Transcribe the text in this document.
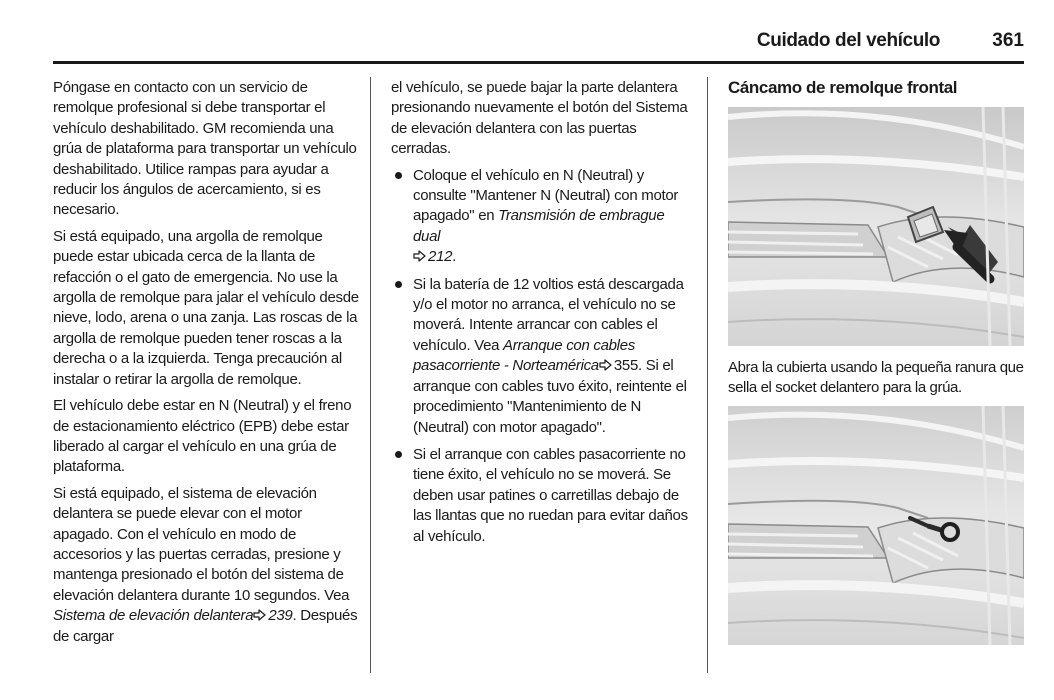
Cuidado del vehículo	361

Póngase en contacto con un servicio de remolque profesional si debe transportar el vehículo deshabilitado. GM recomienda una grúa de plataforma para transportar un vehículo deshabilitado. Utilice rampas para ayudar a reducir los ángulos de acercamiento, si es necesario.

Si está equipado, una argolla de remolque puede estar ubicada cerca de la llanta de refacción o el gato de emergencia. No use la argolla de remolque para jalar el vehículo desde nieve, lodo, arena o una zanja. Las roscas de la argolla de remolque pueden tener roscas a la derecha o a la izquierda. Tenga precaución al instalar o retirar la argolla de remolque.

El vehículo debe estar en N (Neutral) y el freno de estacionamiento eléctrico (EPB) debe estar liberado al cargar el vehículo en una grúa de plataforma.

Si está equipado, el sistema de elevación delantera se puede elevar con el motor apagado. Con el vehículo en modo de accesorios y las puertas cerradas, presione y mantenga presionado el botón del sistema de elevación delantera durante 10 segundos. Vea Sistema de elevación delantera 239. Después de cargar

el vehículo, se puede bajar la parte delantera presionando nuevamente el botón del Sistema de elevación delantera con las puertas cerradas.

Coloque el vehículo en N (Neutral) y consulte "Mantener N (Neutral) con motor apagado" en Transmisión de embrague dual
212.
Si la batería de 12 voltios está descargada y/o el motor no arranca, el vehículo no se moverá. Intente arrancar con cables el vehículo. Vea Arranque con cables pasacorriente - Norteamérica 355. Si el arranque con cables tuvo éxito, reintente el procedimiento "Mantenimiento de N (Neutral) con motor apagado".
Si el arranque con cables pasacorriente no tiene éxito, el vehículo no se moverá. Se deben usar patines o carretillas debajo de las llantas que no ruedan para evitar daños al vehículo.
Cáncamo de remolque frontal
Abra la cubierta usando la pequeña ranura que sella el socket delantero para la grúa.
